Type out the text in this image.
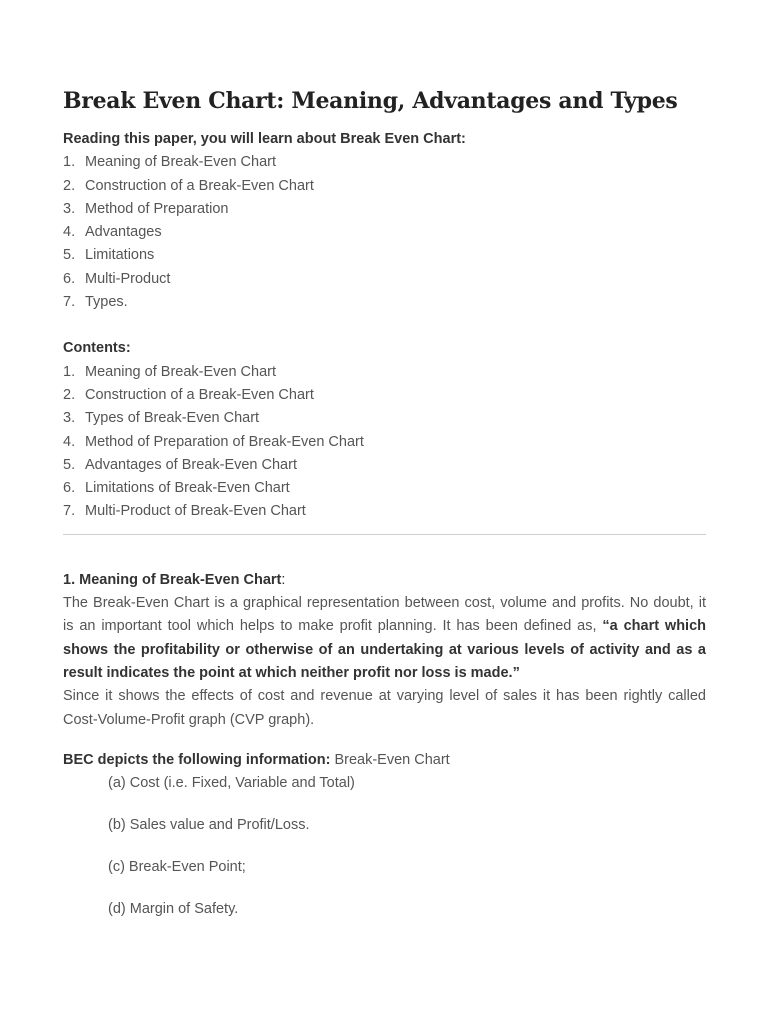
Break Even Chart: Meaning, Advantages and Types

Reading this paper, you will learn about Break Even Chart:

1. Meaning of Break-Even Chart
2. Construction of a Break-Even Chart
3. Method of Preparation
4. Advantages
5. Limitations
6. Multi-Product
7. Types.

Contents:

1. Meaning of Break-Even Chart
2. Construction of a Break-Even Chart
3. Types of Break-Even Chart
4. Method of Preparation of Break-Even Chart
5. Advantages of Break-Even Chart
6. Limitations of Break-Even Chart
7. Multi-Product of Break-Even Chart
1. Meaning of Break-Even Chart:

The Break-Even Chart is a graphical representation between cost, volume and profits. No doubt, it is an important tool which helps to make profit planning. It has been defined as, “a chart which shows the profitability or otherwise of an undertaking at various levels of activity and as a result indicates the point at which neither profit nor loss is made.”

Since it shows the effects of cost and revenue at varying level of sales it has been rightly called Cost-Volume-Profit graph (CVP graph).

BEC depicts the following information: Break-Even Chart
(a) Cost (i.e. Fixed, Variable and Total)
(b) Sales value and Profit/Loss.
(c) Break-Even Point;
(d) Margin of Safety.
